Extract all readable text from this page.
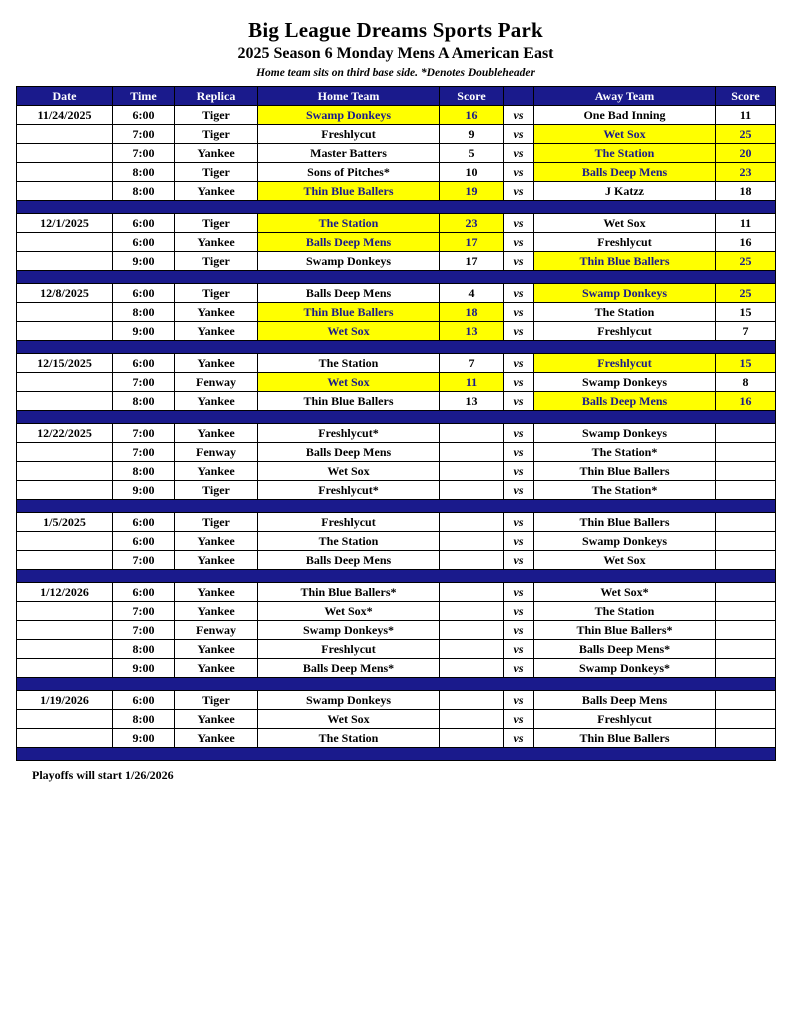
Big League Dreams Sports Park
2025 Season 6 Monday Mens A American East
Home team sits on third base side. *Denotes Doubleheader
Date	Time	Replica	Home Team	Score		Away Team	Score
11/24/2025	6:00	Tiger	Swamp Donkeys	16	vs	One Bad Inning	11
	7:00	Tiger	Freshlycut	9	vs	Wet Sox	25
	7:00	Yankee	Master Batters	5	vs	The Station	20
	8:00	Tiger	Sons of Pitches*	10	vs	Balls Deep Mens	23
	8:00	Yankee	Thin Blue Ballers	19	vs	J Katzz	18

12/1/2025	6:00	Tiger	The Station	23	vs	Wet Sox	11
	6:00	Yankee	Balls Deep Mens	17	vs	Freshlycut	16
	9:00	Tiger	Swamp Donkeys	17	vs	Thin Blue Ballers	25

12/8/2025	6:00	Tiger	Balls Deep Mens	4	vs	Swamp Donkeys	25
	8:00	Yankee	Thin Blue Ballers	18	vs	The Station	15
	9:00	Yankee	Wet Sox	13	vs	Freshlycut	7

12/15/2025	6:00	Yankee	The Station	7	vs	Freshlycut	15
	7:00	Fenway	Wet Sox	11	vs	Swamp Donkeys	8
	8:00	Yankee	Thin Blue Ballers	13	vs	Balls Deep Mens	16

12/22/2025	7:00	Yankee	Freshlycut*		vs	Swamp Donkeys	
	7:00	Fenway	Balls Deep Mens		vs	The Station*	
	8:00	Yankee	Wet Sox		vs	Thin Blue Ballers	
	9:00	Tiger	Freshlycut*		vs	The Station*	

1/5/2025	6:00	Tiger	Freshlycut		vs	Thin Blue Ballers	
	6:00	Yankee	The Station		vs	Swamp Donkeys	
	7:00	Yankee	Balls Deep Mens		vs	Wet Sox	

1/12/2026	6:00	Yankee	Thin Blue Ballers*		vs	Wet Sox*	
	7:00	Yankee	Wet Sox*		vs	The Station	
	7:00	Fenway	Swamp Donkeys*		vs	Thin Blue Ballers*	
	8:00	Yankee	Freshlycut		vs	Balls Deep Mens*	
	9:00	Yankee	Balls Deep Mens*		vs	Swamp Donkeys*	

1/19/2026	6:00	Tiger	Swamp Donkeys		vs	Balls Deep Mens	
	8:00	Yankee	Wet Sox		vs	Freshlycut	
	9:00	Yankee	The Station		vs	Thin Blue Ballers	

Playoffs will start 1/26/2026
